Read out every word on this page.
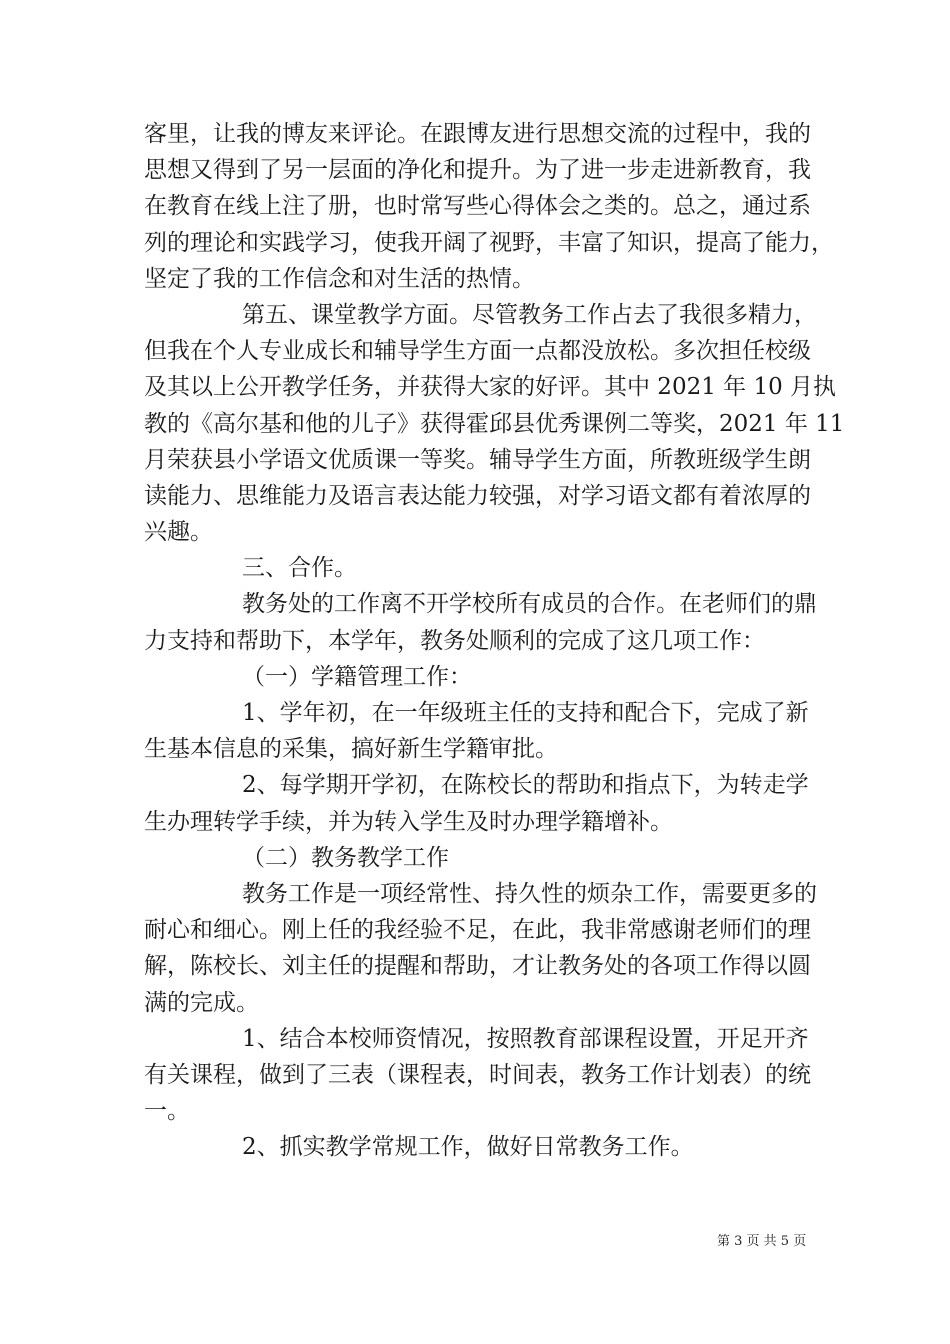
客里，让我的博友来评论。在跟博友进行思想交流的过程中，我的
思想又得到了另一层面的净化和提升。为了进一步走进新教育，我
在教育在线上注了册，也时常写些心得体会之类的。总之，通过系
列的理论和实践学习，使我开阔了视野，丰富了知识，提高了能力，
坚定了我的工作信念和对生活的热情。
第五、课堂教学方面。尽管教务工作占去了我很多精力，
但我在个人专业成长和辅导学生方面一点都没放松。多次担任校级
及其以上公开教学任务，并获得大家的好评。其中 2021 年 10 月执
教的《高尔基和他的儿子》获得霍邱县优秀课例二等奖，2021 年 11
月荣获县小学语文优质课一等奖。辅导学生方面，所教班级学生朗
读能力、思维能力及语言表达能力较强，对学习语文都有着浓厚的
兴趣。
三、合作。
教务处的工作离不开学校所有成员的合作。在老师们的鼎
力支持和帮助下，本学年，教务处顺利的完成了这几项工作：
（一）学籍管理工作：
1、学年初，在一年级班主任的支持和配合下，完成了新
生基本信息的采集，搞好新生学籍审批。
2、每学期开学初，在陈校长的帮助和指点下，为转走学
生办理转学手续，并为转入学生及时办理学籍增补。
（二）教务教学工作
教务工作是一项经常性、持久性的烦杂工作，需要更多的
耐心和细心。刚上任的我经验不足，在此，我非常感谢老师们的理
解，陈校长、刘主任的提醒和帮助，才让教务处的各项工作得以圆
满的完成。
1、结合本校师资情况，按照教育部课程设置，开足开齐
有关课程，做到了三表（课程表，时间表，教务工作计划表）的统
一。
2、抓实教学常规工作，做好日常教务工作。
第 3 页 共 5 页
